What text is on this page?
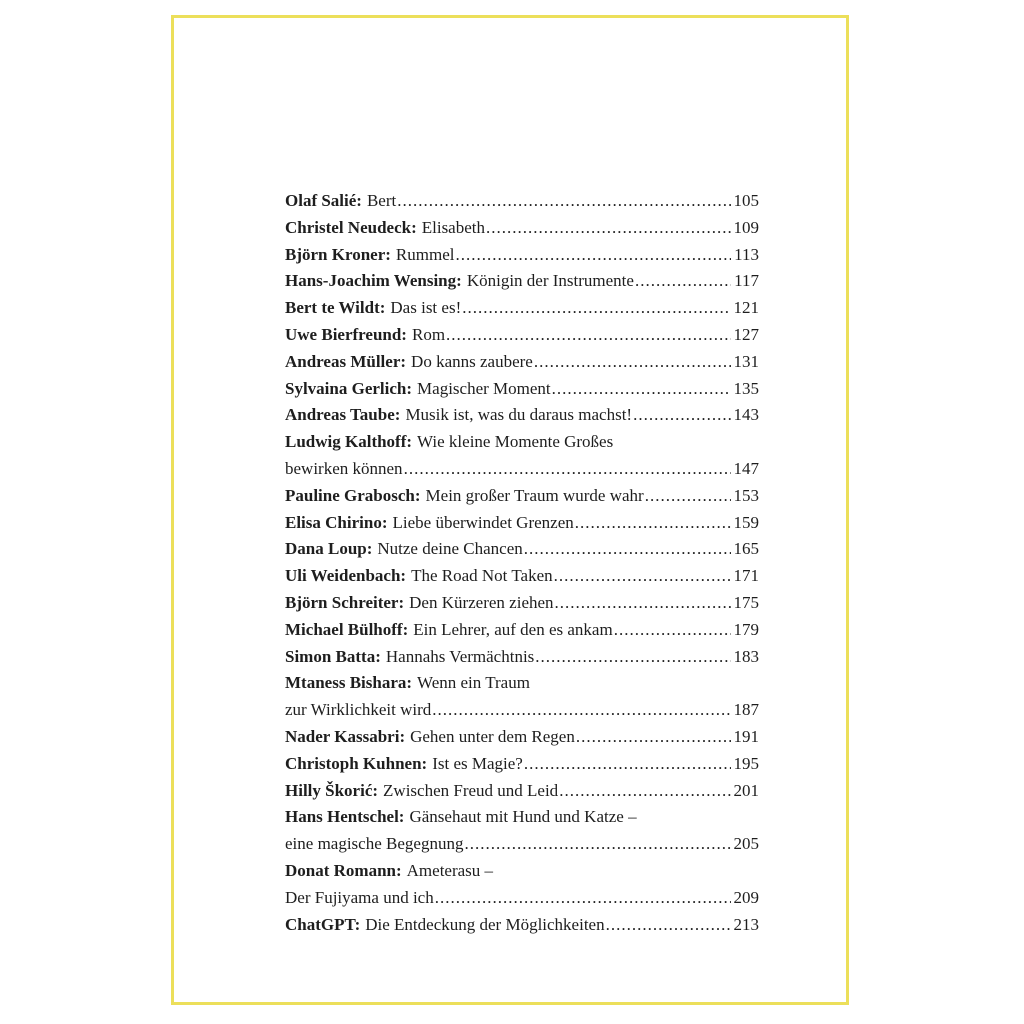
Olaf Salié: Bert .....	105
Christel Neudeck: Elisabeth .....	109
Björn Kroner: Rummel .....	113
Hans-Joachim Wensing: Königin der Instrumente .....	117
Bert te Wildt: Das ist es! .....	121
Uwe Bierfreund: Rom .....	127
Andreas Müller: Do kanns zaubere .....	131
Sylvaina Gerlich: Magischer Moment .....	135
Andreas Taube: Musik ist, was du daraus machst! .....	143
Ludwig Kalthoff: Wie kleine Momente Großes
bewirken können .....	147
Pauline Grabosch: Mein großer Traum wurde wahr .....	153
Elisa Chirino: Liebe überwindet Grenzen .....	159
Dana Loup: Nutze deine Chancen .....	165
Uli Weidenbach: The Road Not Taken .....	171
Björn Schreiter: Den Kürzeren ziehen .....	175
Michael Bülhoff: Ein Lehrer, auf den es ankam .....	179
Simon Batta: Hannahs Vermächtnis .....	183
Mtaness Bishara: Wenn ein Traum
zur Wirklichkeit wird .....	187
Nader Kassabri: Gehen unter dem Regen .....	191
Christoph Kuhnen: Ist es Magie? .....	195
Hilly Škorić: Zwischen Freud und Leid .....	201
Hans Hentschel: Gänsehaut mit Hund und Katze –
eine magische Begegnung .....	205
Donat Romann: Ameterasu –
Der Fujiyama und ich .....	209
ChatGPT: Die Entdeckung der Möglichkeiten .....	213
